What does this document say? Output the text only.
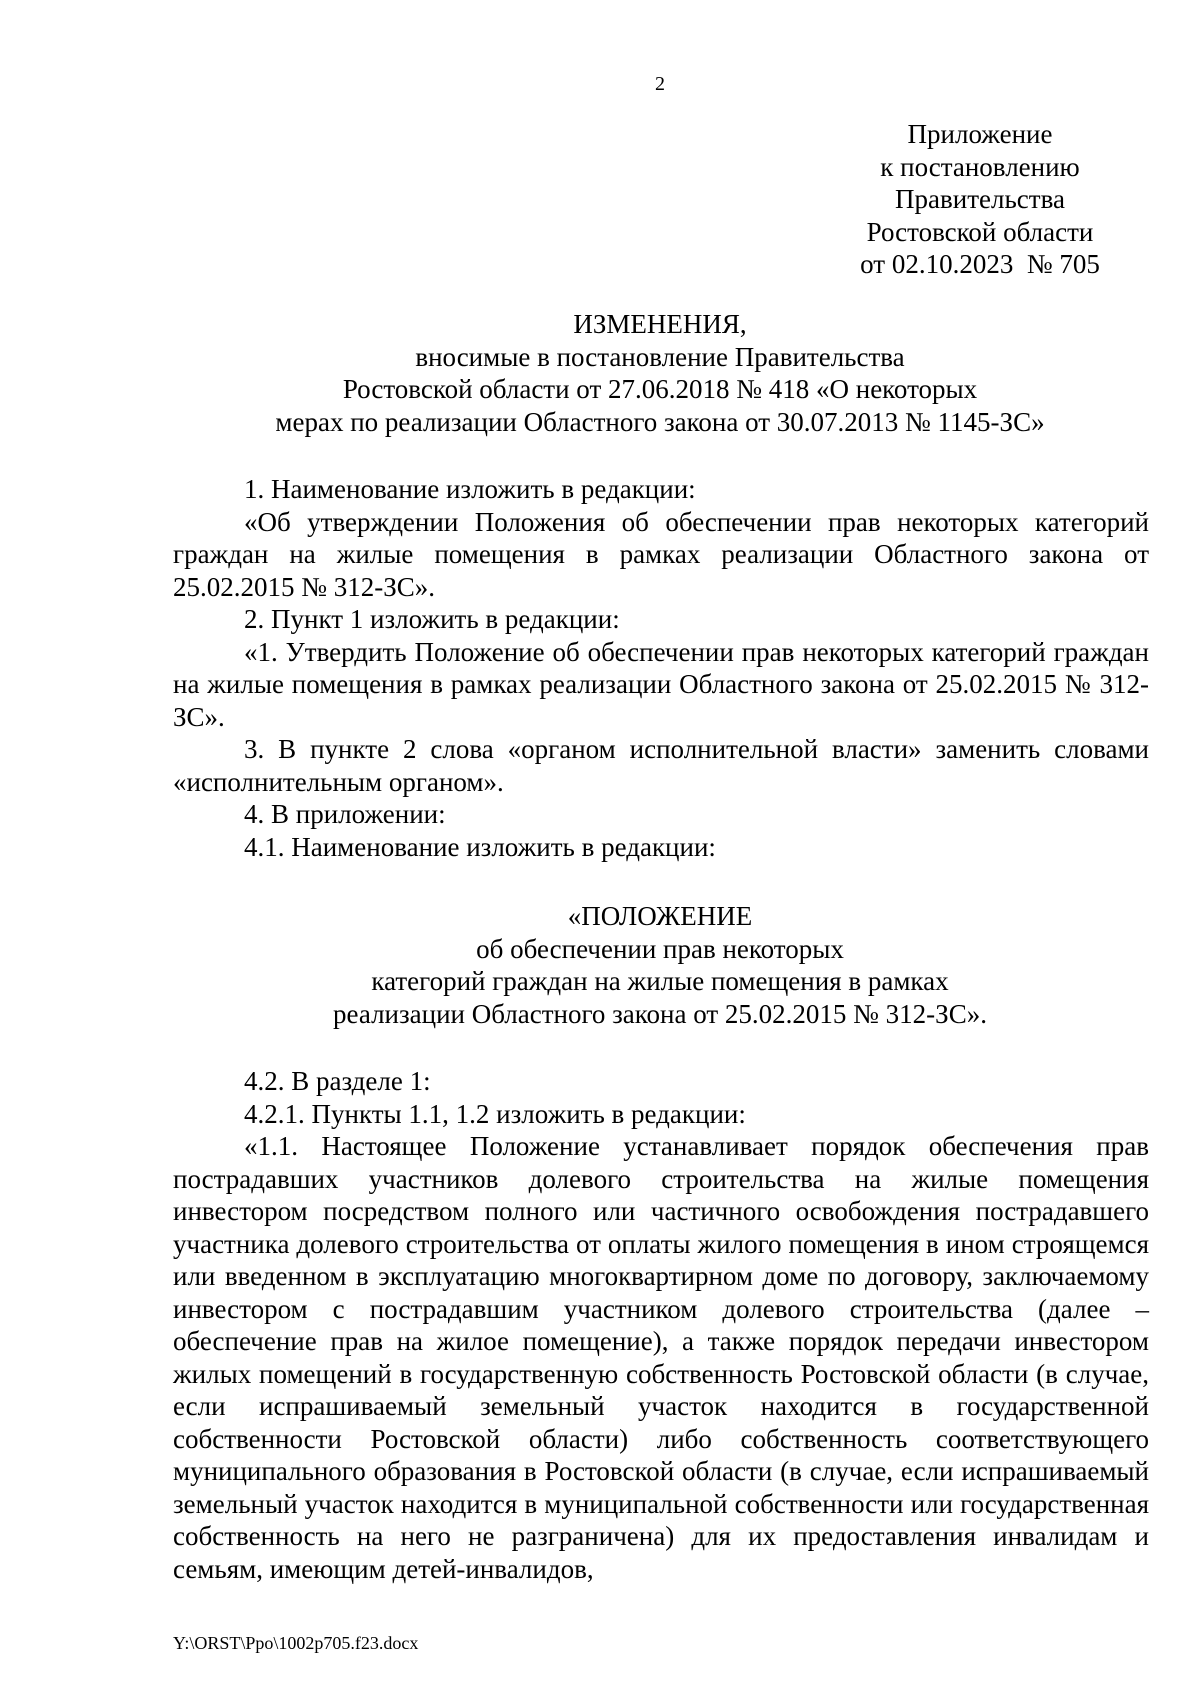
2
Приложение
к постановлению
Правительства
Ростовской области
от 02.10.2023  № 705
ИЗМЕНЕНИЯ,
вносимые в постановление Правительства
Ростовской области от 27.06.2018 № 418 «О некоторых
мерах по реализации Областного закона от 30.07.2013 № 1145-ЗС»

1. Наименование изложить в редакции:

«Об утверждении Положения об обеспечении прав некоторых категорий граждан на жилые помещения в рамках реализации Областного закона от 25.02.2015 № 312-ЗС».

2. Пункт 1 изложить в редакции:

«1. Утвердить Положение об обеспечении прав некоторых категорий граждан на жилые помещения в рамках реализации Областного закона от 25.02.2015 № 312-ЗС».

3. В пункте 2 слова «органом исполнительной власти» заменить словами «исполнительным органом».

4. В приложении:

4.1. Наименование изложить в редакции:

«ПОЛОЖЕНИЕ
об обеспечении прав некоторых
категорий граждан на жилые помещения в рамках
реализации Областного закона от 25.02.2015 № 312-ЗС».

4.2. В разделе 1:

4.2.1. Пункты 1.1, 1.2 изложить в редакции:

«1.1. Настоящее Положение устанавливает порядок обеспечения прав пострадавших участников долевого строительства на жилые помещения инвестором посредством полного или частичного освобождения пострадавшего участника долевого строительства от оплаты жилого помещения в ином строящемся или введенном в эксплуатацию многоквартирном доме по договору, заключаемому инвестором с пострадавшим участником долевого строительства (далее – обеспечение прав на жилое помещение), а также порядок передачи инвестором жилых помещений в государственную собственность Ростовской области (в случае, если испрашиваемый земельный участок находится в государственной собственности Ростовской области) либо собственность соответствующего муниципального образования в Ростовской области (в случае, если испрашиваемый земельный участок находится в муниципальной собственности или государственная собственность на него не разграничена) для их предоставления инвалидам и семьям, имеющим детей-инвалидов,

Y:\ORST\Ppo\1002p705.f23.docx
